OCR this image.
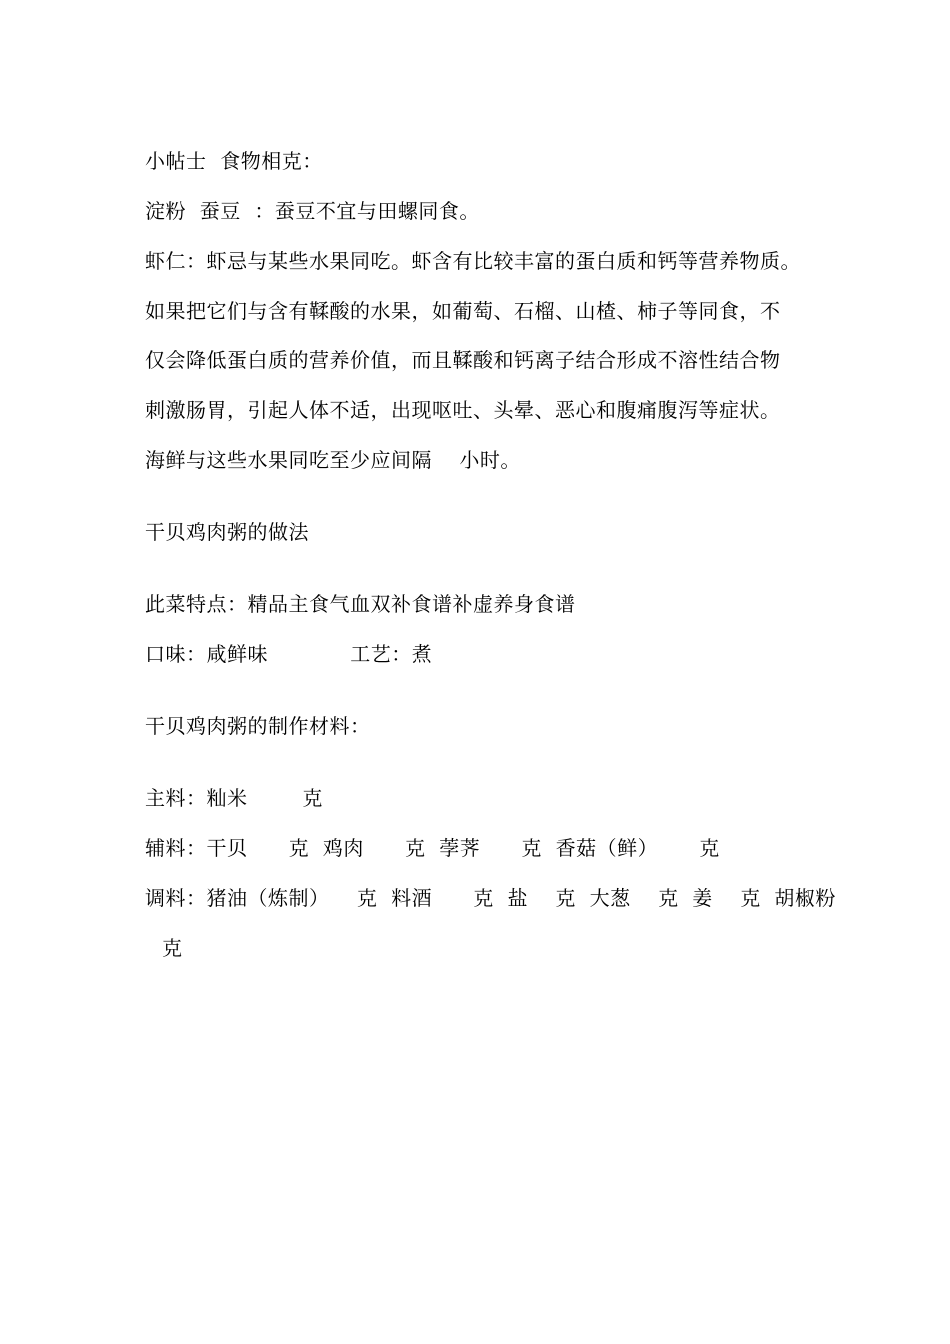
小帖士  食物相克：
淀粉  蚕豆  ：蚕豆不宜与田螺同食。
虾仁：虾忌与某些水果同吃。虾含有比较丰富的蛋白质和钙等营养物质。
如果把它们与含有鞣酸的水果，如葡萄、石榴、山楂、柿子等同食，不
仅会降低蛋白质的营养价值，而且鞣酸和钙离子结合形成不溶性结合物
刺激肠胃，引起人体不适，出现呕吐、头晕、恶心和腹痛腹泻等症状。
海鲜与这些水果同吃至少应间隔    小时。
干贝鸡肉粥的做法
此菜特点：精品主食气血双补食谱补虚养身食谱
口味：咸鲜味            工艺：煮
干贝鸡肉粥的制作材料：
主料：籼米        克
辅料：干贝      克  鸡肉      克  荸荠      克  香菇（鲜）      克
调料：猪油（炼制）    克  料酒      克  盐    克  大葱    克  姜    克  胡椒粉
克
